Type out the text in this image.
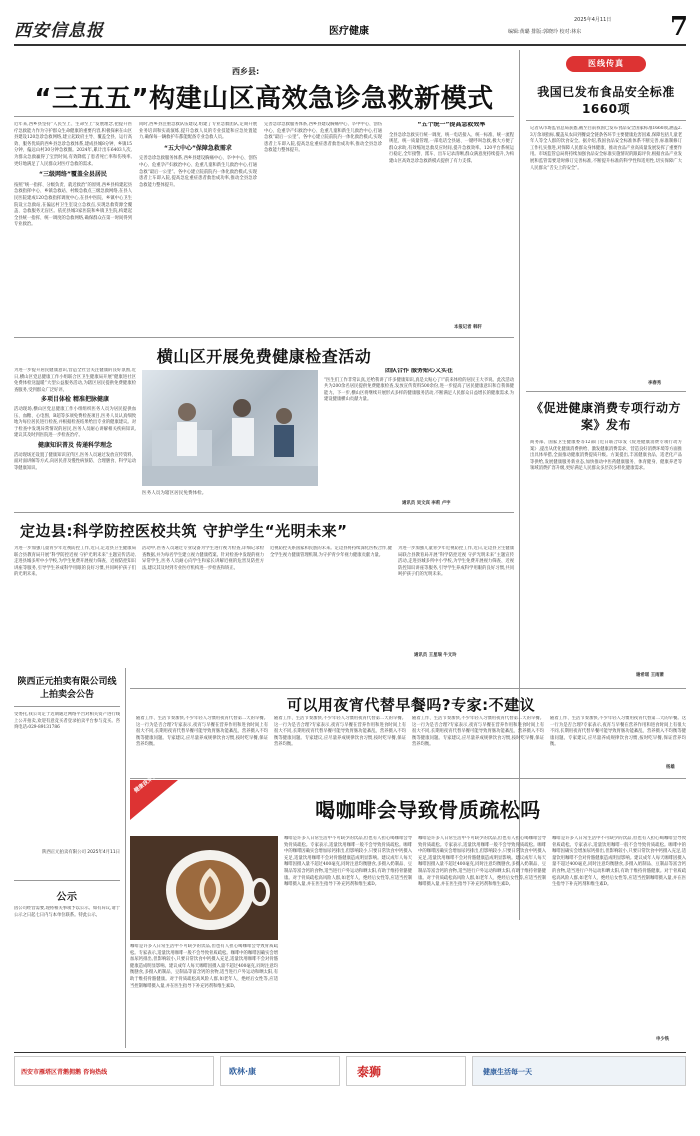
西安信息报	医疗健康
2025年4月11日
编辑:黄璐 排版:郭晓玲 校对:林东	7
西乡县:
“三五五”构建山区高效急诊急救新模式

近年来,西乡县坚持“人民至上、生命至上”发展理念,把提升医疗急救能力作为守护群众生命健康的重要内容,积极探索在山区县建设120急诊急救网络,建立起政府主导、覆盖全县、运行高效、服务优质的西乡县急诊急救体系,建成县城8分钟、乡镇15分钟、偏远山村30分钟急救圈。2024年,累计出车6403人次,为群众急救赢得了宝贵时间,有效降低了患者死亡率和伤残率,更好地满足了人民群众对医疗急救的需求。

“三级网络”覆盖全县居民

按照“统一指挥、分级负责、就近救治”的原则,西乡县构建起县急救指挥中心、乡镇急救站、村级急救点三级急救网络,在县人民医院建成120急救指挥调度中心,在县中医院、乡镇中心卫生院设立急救站,在偏远村卫生室设立急救点,实现急救资源全覆盖、急救服务无盲区。依托县城3家医院和乡镇卫生院,构建起全县统一指挥、统一调度的急救网络,确保群众在第一时间得到专业救治。

同时,西乡县注重急救队伍建设,组建了专业急救团队,定期开展业务培训和实战演练,提升急救人员的专业技能和应急处置能力,确保每一辆救护车都能配备专业急救人员。

“五大中心”保障急救需求

完善急诊急救服务体系,西乡县建设胸痛中心、卒中中心、创伤中心、危重孕产妇救治中心、危重儿童和新生儿救治中心,打通急救“最后一公里”。各中心建立院前院内一体化救治模式,实现患者上车即入院,提高急危重症患者救治成功率,推动全县急诊急救能力整体提升。

完善急诊急救服务体系,西乡县建设胸痛中心、卒中中心、创伤中心、危重孕产妇救治中心、危重儿童和新生儿救治中心,打通急救“最后一公里”。各中心建立院前院内一体化救治模式,实现患者上车即入院,提高急危重症患者救治成功率,推动全县急诊急救能力整体提升。

“五个统一”提高急救效率

全县急诊急救实行统一调度、统一电话接入、统一标准、统一流程规范、统一质量管理,一部电话全县通、一键呼叫急救,极大方便了群众求助,有效缩短急救反应时间,提升急救效率。120平台系统运行稳定,全年接警、派车、出车记录清晰,群众满意度持续提升,为构建山区高效急诊急救新模式提供了有力支撑。

本报记者 韩轩
医线传真
我国已发布食品安全标准1660项
记者从市场监管总局获悉,截至目前我国已发布食品安全国家标准1660项,涵盖2.3万余项指标,覆盖从农田到餐桌全链条各环节主要健康危害因素,保障包括儿童老年人等全人群的饮食安全。据介绍,我国食品安全标准体系不断完善,标准制修订工作扎实推进,对保障人民群众身体健康、推动食品产业高质量发展发挥了重要作用。市场监管总局将持续加强食品安全标准实施情况的跟踪评价,根据食品产业发展和监管需要适时修订完善标准,不断提升标准的科学性和适用性,切实保障广大人民群众“舌尖上的安全”。
李春秀
横山区开展免费健康检查活动

为进一步提升居民健康意识,营造全社会关注健康的良好氛围,近日,横山区党总健康工作小组联合区卫生健康局开展“健康进社区 免费体检送温暖”大型公益服务活动,为辖区居民提供免费健康检查服务,受到群众广泛好评。

多项目体检 精准把脉健康

活动现场,横山区党总健康工作小组组织医务人员为居民提供血压、血糖、心电图、B超等多项免费检查项目,医务人员认真细致地为每位居民进行检查,并根据检查结果给出专业的健康建议。对于检查中发现异常情况的居民,医务人员耐心讲解相关疾病知识,建议其及时到医院进一步检查治疗。

健康知识普及 传递科学理念

活动现场还设置了健康知识宣传区,医务人员通过发放宣传资料、面对面讲解等方式,向居民普及慢性病预防、合理膳食、科学运动等健康知识。

医务人员为辖区居民免费体检。
团队合作 服务贴心又实在

“医生们工作非常认真,还给我讲了许多健康知识,真是太贴心了!”前来体检的居民王大爷说。此次活动共为200余名居民提供免费健康检查,发放宣传资料500余份,进一步提高了居民健康意识和自我保健能力。下一步,横山区将继续开展形式多样的健康服务活动,不断满足人民群众日益增长的健康需求,为建设健康横山贡献力量。

通讯员 吴文宾 李莉 卢宇
定边县:科学防控医校共筑 守护学生“光明未来”
为进一步加强儿童青少年近视防控工作,近日,定边县卫生健康局联合县教育局开展“科学防控近视 守护光明未来”主题宣传活动,走进县城多所中小学校,为学生免费开展视力筛查、近视防控知识讲座等服务,引导学生养成科学用眼的良好习惯,共同呵护孩子们的光明未来。
活动中,医务人员通过专业设备为学生进行视力检查,详细记录检查数据,并为每名学生建立视力健康档案。针对检查中发现的视力异常学生,医务人员耐心向学生和家长讲解近视的危害及防控方法,建议其及时到专业医疗机构进一步检查和矫正。
近视防控关系国家和民族的未来。定边县将持续深化医校合作,健全学生视力健康管理机制,为守护青少年视力健康贡献力量。
为进一步加强儿童青少年近视防控工作,近日,定边县卫生健康局联合县教育局开展“科学防控近视 守护光明未来”主题宣传活动,走进县城多所中小学校,为学生免费开展视力筛查、近视防控知识讲座等服务,引导学生养成科学用眼的良好习惯,共同呵护孩子们的光明未来。
通讯员 王星瑞 牛文玲
《促进健康消费专项行动方案》发布
商务部、国家卫生健康委等12部门近日联合印发《促进健康消费专项行动方案》,提出从优化健康消费供给、激发健康消费需求、营造良好消费环境等方面推出具体举措,全面推动健康消费提质升级。方案提出,丰富健康食品、适老化产品等供给,发展健康服务新业态,加快推动中医药健康服务、体育健身、健康养老等领域消费扩容升级,更好满足人民群众多层次多样化健康需求。
谢希瑶 王雨萧
可以用夜宵代替早餐吗?专家:不建议
随着工作、生活节奏加快,不少年轻人习惯用夜宵代替第二天的早餐。这一行为是否合理?专家表示,夜宵与早餐在营养作用和进食时间上有很大不同,长期用夜宵代替早餐可能导致胃肠功能紊乱、营养摄入不均衡等健康问题。专家建议,应尽量养成规律饮食习惯,按时吃早餐,保证营养均衡。
随着工作、生活节奏加快,不少年轻人习惯用夜宵代替第二天的早餐。这一行为是否合理?专家表示,夜宵与早餐在营养作用和进食时间上有很大不同,长期用夜宵代替早餐可能导致胃肠功能紊乱、营养摄入不均衡等健康问题。专家建议,应尽量养成规律饮食习惯,按时吃早餐,保证营养均衡。
随着工作、生活节奏加快,不少年轻人习惯用夜宵代替第二天的早餐。这一行为是否合理?专家表示,夜宵与早餐在营养作用和进食时间上有很大不同,长期用夜宵代替早餐可能导致胃肠功能紊乱、营养摄入不均衡等健康问题。专家建议,应尽量养成规律饮食习惯,按时吃早餐,保证营养均衡。
随着工作、生活节奏加快,不少年轻人习惯用夜宵代替第二天的早餐。这一行为是否合理?专家表示,夜宵与早餐在营养作用和进食时间上有很大不同,长期用夜宵代替早餐可能导致胃肠功能紊乱、营养摄入不均衡等健康问题。专家建议,应尽量养成规律饮食习惯,按时吃早餐,保证营养均衡。
杨雄
陕西正元拍卖有限公司线上拍卖会公告
受委托,我公司定于近期通过网络平台对相关资产进行线上公开拍卖,欢迎有意竞买者登录拍卖平台参与竞买。咨询电话:029-89131786
陕西正元拍卖有限公司 2025年4月11日
公示
因公司经营需要,现将相关事项予以公示。如有异议,请于公示之日起七日内与本单位联系。特此公示。
健康我来说
喝咖啡会导致骨质疏松吗
咖啡是许多人日常生活中不可缺少的饮品,但也有人担心喝咖啡会导致骨质疏松。专家表示,适量饮用咖啡一般不会导致骨质疏松。咖啡中的咖啡因确实会增加尿钙排出,但影响较小,只要日常饮食中钙摄入充足,适量饮用咖啡不会对骨骼健康造成明显影响。建议成年人每天咖啡因摄入量不超过400毫克,同时注意均衡膳食,多摄入奶制品、豆制品等富含钙的食物,适当进行户外运动和晒太阳,有助于维持骨骼健康。对于骨质疏松高风险人群,如老年人、绝经后女性等,应适当控制咖啡摄入量,并在医生指导下补充钙剂和维生素D。
咖啡是许多人日常生活中不可缺少的饮品,但也有人担心喝咖啡会导致骨质疏松。专家表示,适量饮用咖啡一般不会导致骨质疏松。咖啡中的咖啡因确实会增加尿钙排出,但影响较小,只要日常饮食中钙摄入充足,适量饮用咖啡不会对骨骼健康造成明显影响。建议成年人每天咖啡因摄入量不超过400毫克,同时注意均衡膳食,多摄入奶制品、豆制品等富含钙的食物,适当进行户外运动和晒太阳,有助于维持骨骼健康。对于骨质疏松高风险人群,如老年人、绝经后女性等,应适当控制咖啡摄入量,并在医生指导下补充钙剂和维生素D。
咖啡是许多人日常生活中不可缺少的饮品,但也有人担心喝咖啡会导致骨质疏松。专家表示,适量饮用咖啡一般不会导致骨质疏松。咖啡中的咖啡因确实会增加尿钙排出,但影响较小,只要日常饮食中钙摄入充足,适量饮用咖啡不会对骨骼健康造成明显影响。建议成年人每天咖啡因摄入量不超过400毫克,同时注意均衡膳食,多摄入奶制品、豆制品等富含钙的食物,适当进行户外运动和晒太阳,有助于维持骨骼健康。对于骨质疏松高风险人群,如老年人、绝经后女性等,应适当控制咖啡摄入量,并在医生指导下补充钙剂和维生素D。
咖啡是许多人日常生活中不可缺少的饮品,但也有人担心喝咖啡会导致骨质疏松。专家表示,适量饮用咖啡一般不会导致骨质疏松。咖啡中的咖啡因确实会增加尿钙排出,但影响较小,只要日常饮食中钙摄入充足,适量饮用咖啡不会对骨骼健康造成明显影响。建议成年人每天咖啡因摄入量不超过400毫克,同时注意均衡膳食,多摄入奶制品、豆制品等富含钙的食物,适当进行户外运动和晒太阳,有助于维持骨骼健康。对于骨质疏松高风险人群,如老年人、绝经后女性等,应适当控制咖啡摄入量,并在医生指导下补充钙剂和维生素D。
申少铁
西安市雁塔区青鹅拥鹅 咨询热线	欧林·康	泰狮	健康生活每一天
